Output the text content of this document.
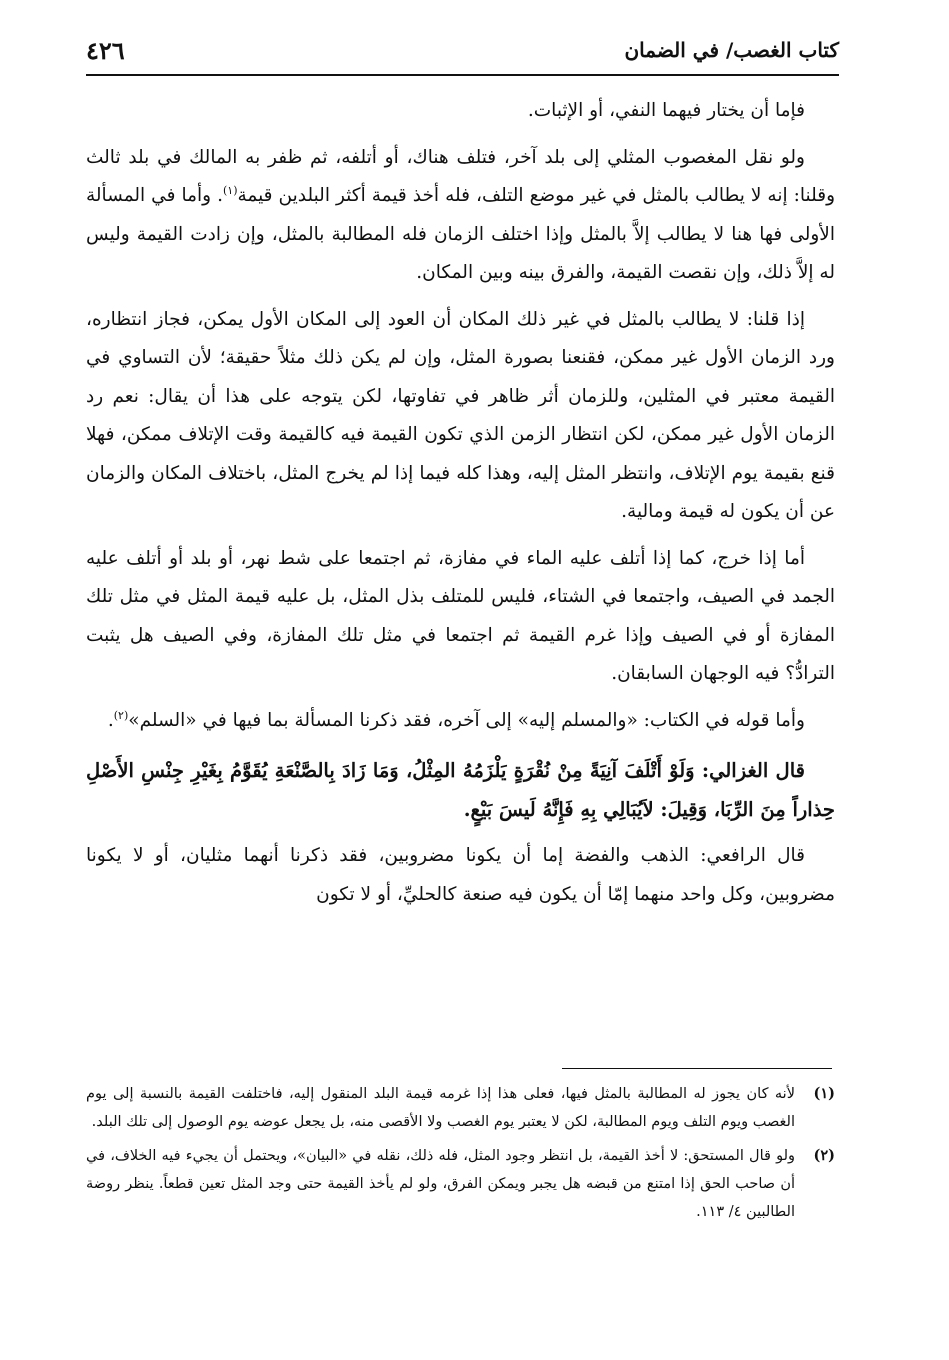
كتاب الغصب/ في الضمان
٤٢٦

فإما أن يختار فيهما النفي، أو الإثبات.

ولو نقل المغصوب المثلي إلى بلد آخر، فتلف هناك، أو أتلفه، ثم ظفر به المالك في بلد ثالث وقلنا: إنه لا يطالب بالمثل في غير موضع التلف، فله أخذ قيمة أكثر البلدين قيمة$^{(١)}$. وأما في المسألة الأولى فها هنا لا يطالب إلاَّ بالمثل وإذا اختلف الزمان فله المطالبة بالمثل، وإن زادت القيمة وليس له إلاَّ ذلك، وإن نقصت القيمة، والفرق بينه وبين المكان.

إذا قلنا: لا يطالب بالمثل في غير ذلك المكان أن العود إلى المكان الأول يمكن، فجاز انتظاره، ورد الزمان الأول غير ممكن، فقنعنا بصورة المثل، وإن لم يكن ذلك مثلاً حقيقة؛ لأن التساوي في القيمة معتبر في المثلين، وللزمان أثر ظاهر في تفاوتها، لكن يتوجه على هذا أن يقال: نعم رد الزمان الأول غير ممكن، لكن انتظار الزمن الذي تكون القيمة فيه كالقيمة وقت الإتلاف ممكن، فهلا قنع بقيمة يوم الإتلاف، وانتظر المثل إليه، وهذا كله فيما إذا لم يخرج المثل، باختلاف المكان والزمان عن أن يكون له قيمة ومالية.

أما إذا خرج، كما إذا أتلف عليه الماء في مفازة، ثم اجتمعا على شط نهر، أو بلد أو أتلف عليه الجمد في الصيف، واجتمعا في الشتاء، فليس للمتلف بذل المثل، بل عليه قيمة المثل في مثل تلك المفازة أو في الصيف وإذا غرم القيمة ثم اجتمعا في مثل تلك المفازة، وفي الصيف هل يثبت الترادُّ؟ فيه الوجهان السابقان.

وأما قوله في الكتاب: «والمسلم إليه» إلى آخره، فقد ذكرنا المسألة بما فيها في «السلم»$^{(٢)}$.

قال الغزالي: وَلَوْ أَتْلَفَ آنِيَةً مِنْ نُقْرَةٍ يَلْزَمُهُ المِثْلُ، وَمَا زَادَ بِالصَّنْعَةِ يُقَوَّمُ بِغَيْرِ جِنْسِ الأَصْلِ حِذاراً مِنَ الرِّبَا، وَقِيلَ: لاَيُبَالِي بِهِ فَإِنَّهُ لَيسَ بَيْعٍ.

قال الرافعي: الذهب والفضة إما أن يكونا مضروبين، فقد ذكرنا أنهما مثليان، أو لا يكونا مضروبين، وكل واحد منهما إمّا أن يكون فيه صنعة كالحليِّ، أو لا تكون

(١)
لأنه كان يجوز له المطالبة بالمثل فيها، فعلى هذا إذا غرمه قيمة البلد المنقول إليه، فاختلفت القيمة بالنسبة إلى يوم الغصب ويوم التلف ويوم المطالبة، لكن لا يعتبر يوم الغصب ولا الأقصى منه، بل يجعل عوضه يوم الوصول إلى تلك البلد.
(٢)
ولو قال المستحق: لا أخذ القيمة، بل انتظر وجود المثل، فله ذلك، نقله في «البيان»، ويحتمل أن يجيء فيه الخلاف، في أن صاحب الحق إذا امتنع من قبضه هل يجبر ويمكن الفرق، ولو لم يأخذ القيمة حتى وجد المثل تعين قطعاً. ينظر روضة الطالبين ٤/ ١١٣.
